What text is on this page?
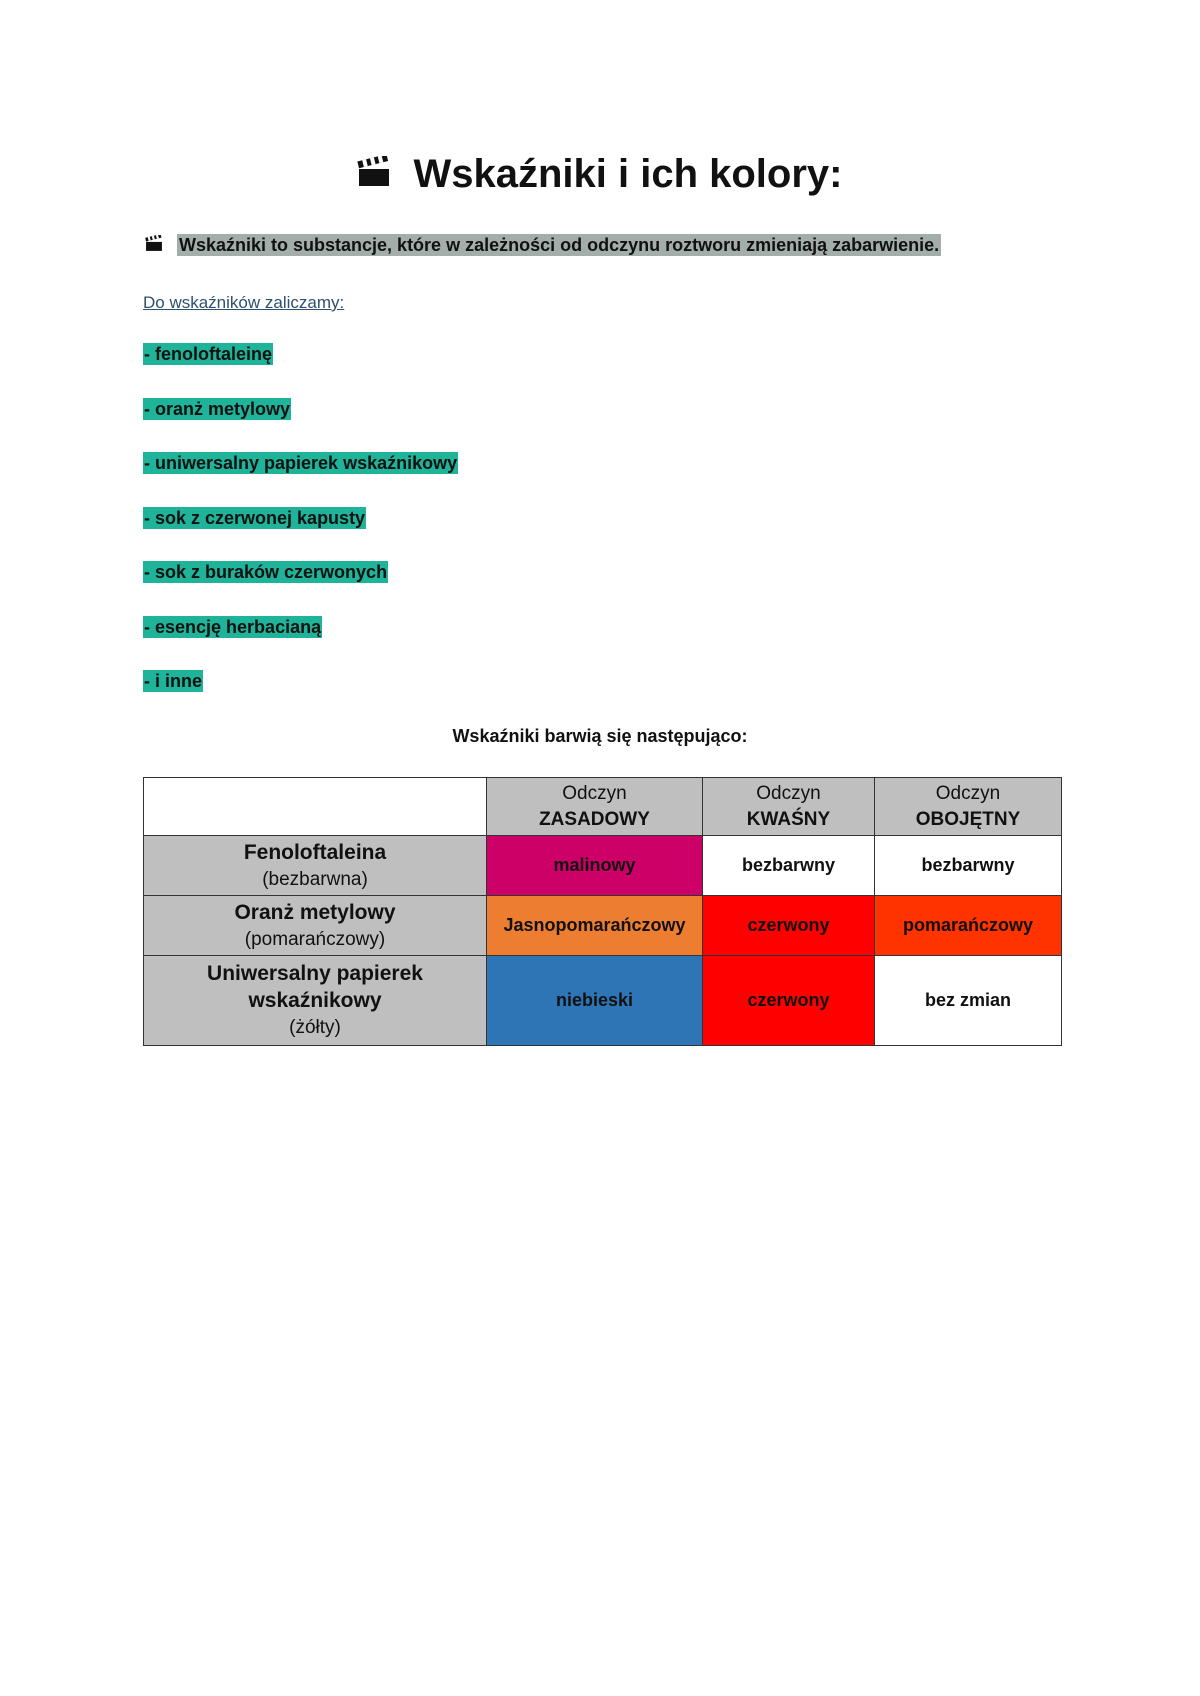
Wskaźniki i ich kolory:
Wskaźniki to substancje, które w zależności od odczynu roztworu zmieniają zabarwienie.
Do wskaźników zaliczamy:
- fenoloftaleinę
- oranż metylowy
- uniwersalny papierek wskaźnikowy
- sok z czerwonej kapusty
- sok z buraków czerwonych
- esencję herbacianą
- i inne
Wskaźniki barwią się następująco:

	Odczyn
ZASADOWY	Odczyn
KWAŚNY	Odczyn
OBOJĘTNY

Fenoloftaleina
(bezbarwna)	malinowy	bezbarwny	bezbarwny

Oranż metylowy
(pomarańczowy)	Jasnopomarańczowy	czerwony	pomarańczowy

Uniwersalny papierek wskaźnikowy
(żółty)	niebieski	czerwony	bez zmian
